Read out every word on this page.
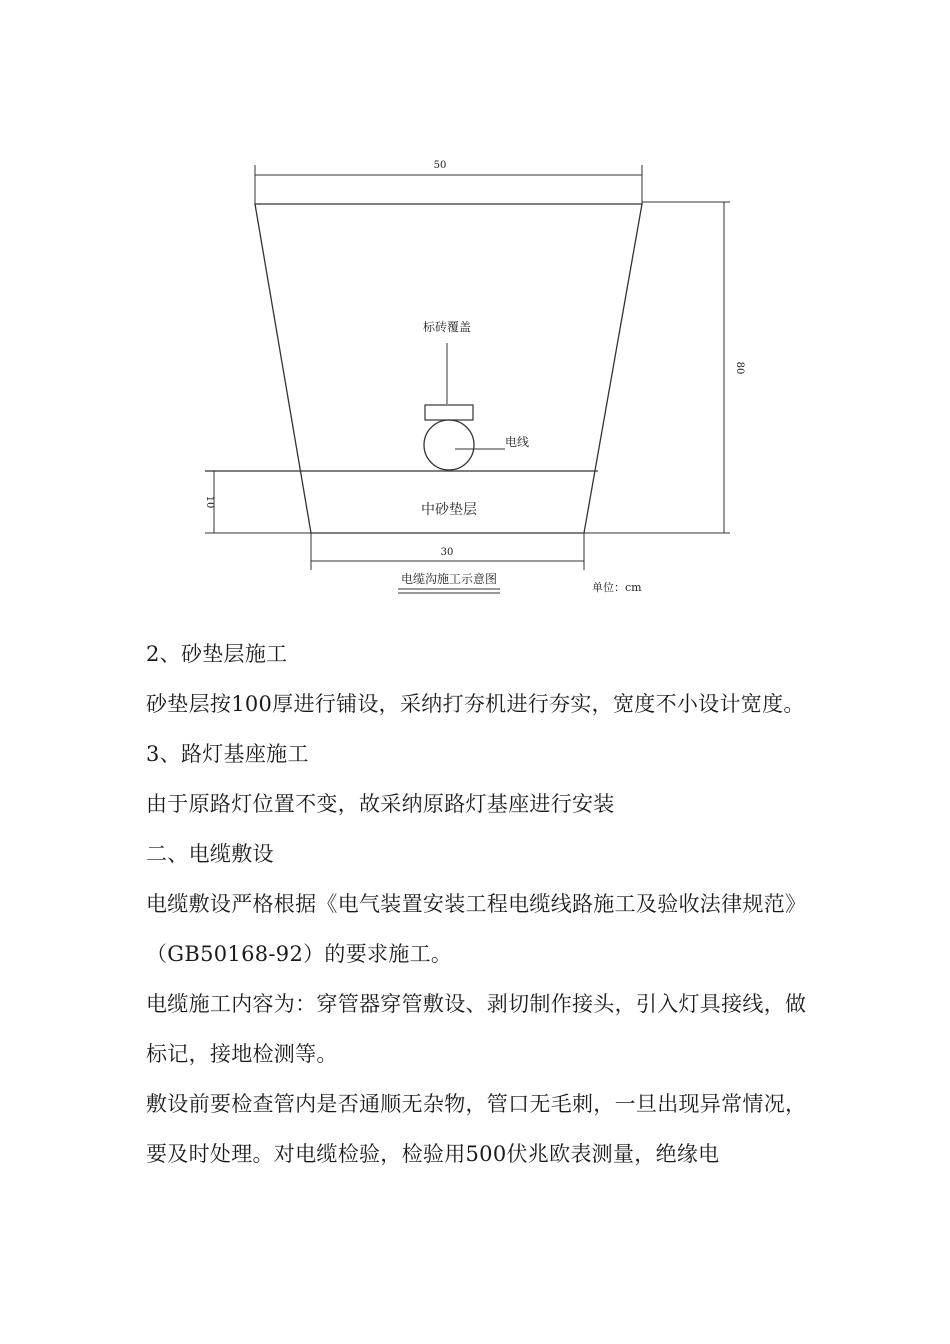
50
80
10	中砂垫层
30
标砖覆盖
电线
电缆沟施工示意图
单位：cm

2、砂垫层施工

砂垫层按100厚进行铺设，采纳打夯机进行夯实，宽度不小设计宽度。

3、路灯基座施工

由于原路灯位置不变，故采纳原路灯基座进行安装

二、电缆敷设

电缆敷设严格根据《电气装置安装工程电缆线路施工及验收法律规范》（GB50168-92）的要求施工。

电缆施工内容为：穿管器穿管敷设、剥切制作接头，引入灯具接线，做标记，接地检测等。

敷设前要检查管内是否通顺无杂物，管口无毛刺，一旦出现异常情况，要及时处理。对电缆检验，检验用500伏兆欧表测量，绝缘电
